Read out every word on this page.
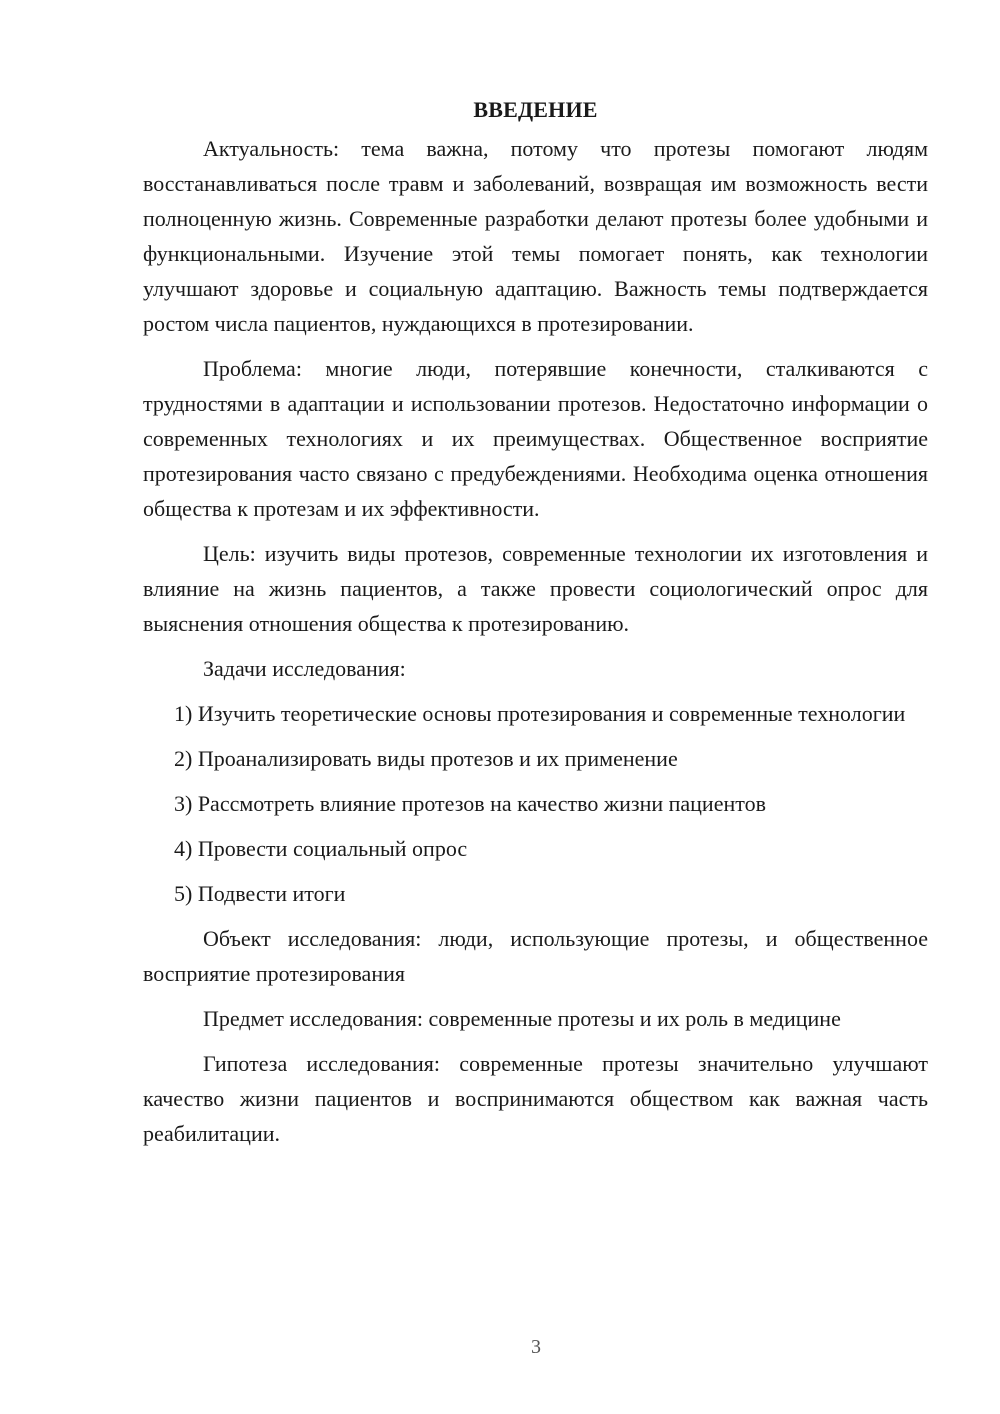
ВВЕДЕНИЕ

Актуальность: тема важна, потому что протезы помогают людям восстанавливаться после травм и заболеваний, возвращая им возможность вести полноценную жизнь. Современные разработки делают протезы более удобными и функциональными. Изучение этой темы помогает понять, как технологии улучшают здоровье и социальную адаптацию. Важность темы подтверждается ростом числа пациентов, нуждающихся в протезировании.

Проблема: многие люди, потерявшие конечности, сталкиваются с трудностями в адаптации и использовании протезов. Недостаточно информации о современных технологиях и их преимуществах. Общественное восприятие протезирования часто связано с предубеждениями. Необходима оценка отношения общества к протезам и их эффективности.

Цель: изучить виды протезов, современные технологии их изготовления и влияние на жизнь пациентов, а также провести социологический опрос для выяснения отношения общества к протезированию.

Задачи исследования:

1) Изучить теоретические основы протезирования и современные технологии

2) Проанализировать виды протезов и их применение

3) Рассмотреть влияние протезов на качество жизни пациентов

4) Провести социальный опрос

5) Подвести итоги

Объект исследования: люди, использующие протезы, и общественное восприятие протезирования

Предмет исследования: современные протезы и их роль в медицине

Гипотеза исследования: современные протезы значительно улучшают качество жизни пациентов и воспринимаются обществом как важная часть реабилитации.

3
